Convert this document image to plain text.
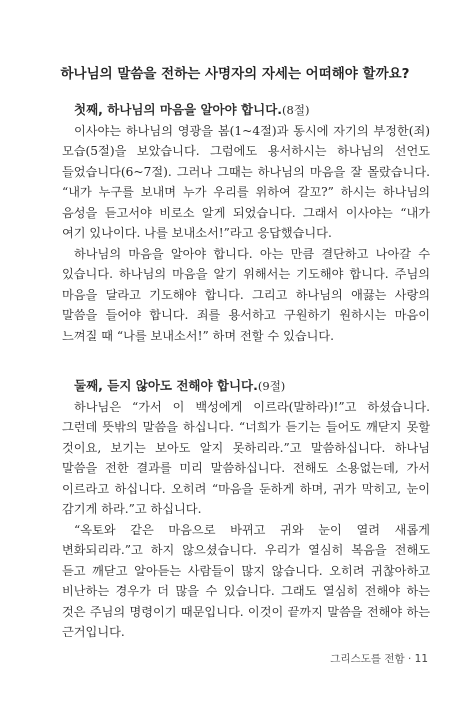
하나님의 말씀을 전하는 사명자의 자세는 어떠해야 할까요?

첫째, 하나님의 마음을 알아야 합니다.(8절)

이사야는 하나님의 영광을 봄(1~4절)과 동시에 자기의 부정한(죄) 모습(5절)을 보았습니다. 그럼에도 용서하시는 하나님의 선언도 들었습니다(6~7절). 그러나 그때는 하나님의 마음을 잘 몰랐습니다. “내가 누구를 보내며 누가 우리를 위하여 갈꼬?” 하시는 하나님의 음성을 듣고서야 비로소 알게 되었습니다. 그래서 이사야는 “내가 여기 있나이다. 나를 보내소서!”라고 응답했습니다.

하나님의 마음을 알아야 합니다. 아는 만큼 결단하고 나아갈 수 있습니다. 하나님의 마음을 알기 위해서는 기도해야 합니다. 주님의 마음을 달라고 기도해야 합니다. 그리고 하나님의 애끓는 사랑의 말씀을 들어야 합니다. 죄를 용서하고 구원하기 원하시는 마음이 느껴질 때 “나를 보내소서!” 하며 전할 수 있습니다.

둘째, 듣지 않아도 전해야 합니다.(9절)

하나님은 “가서 이 백성에게 이르라(말하라)!”고 하셨습니다. 그런데 뜻밖의 말씀을 하십니다. “너희가 듣기는 들어도 깨닫지 못할 것이요, 보기는 보아도 알지 못하리라.”고 말씀하십니다. 하나님 말씀을 전한 결과를 미리 말씀하십니다. 전해도 소용없는데, 가서 이르라고 하십니다. 오히려 “마음을 둔하게 하며, 귀가 막히고, 눈이 감기게 하라.”고 하십니다.

“옥토와 같은 마음으로 바뀌고 귀와 눈이 열려 새롭게 변화되리라.”고 하지 않으셨습니다. 우리가 열심히 복음을 전해도 듣고 깨닫고 알아듣는 사람들이 많지 않습니다. 오히려 귀찮아하고 비난하는 경우가 더 많을 수 있습니다. 그래도 열심히 전해야 하는 것은 주님의 명령이기 때문입니다. 이것이 끝까지 말씀을 전해야 하는 근거입니다.

그리스도를 전함 · 11
